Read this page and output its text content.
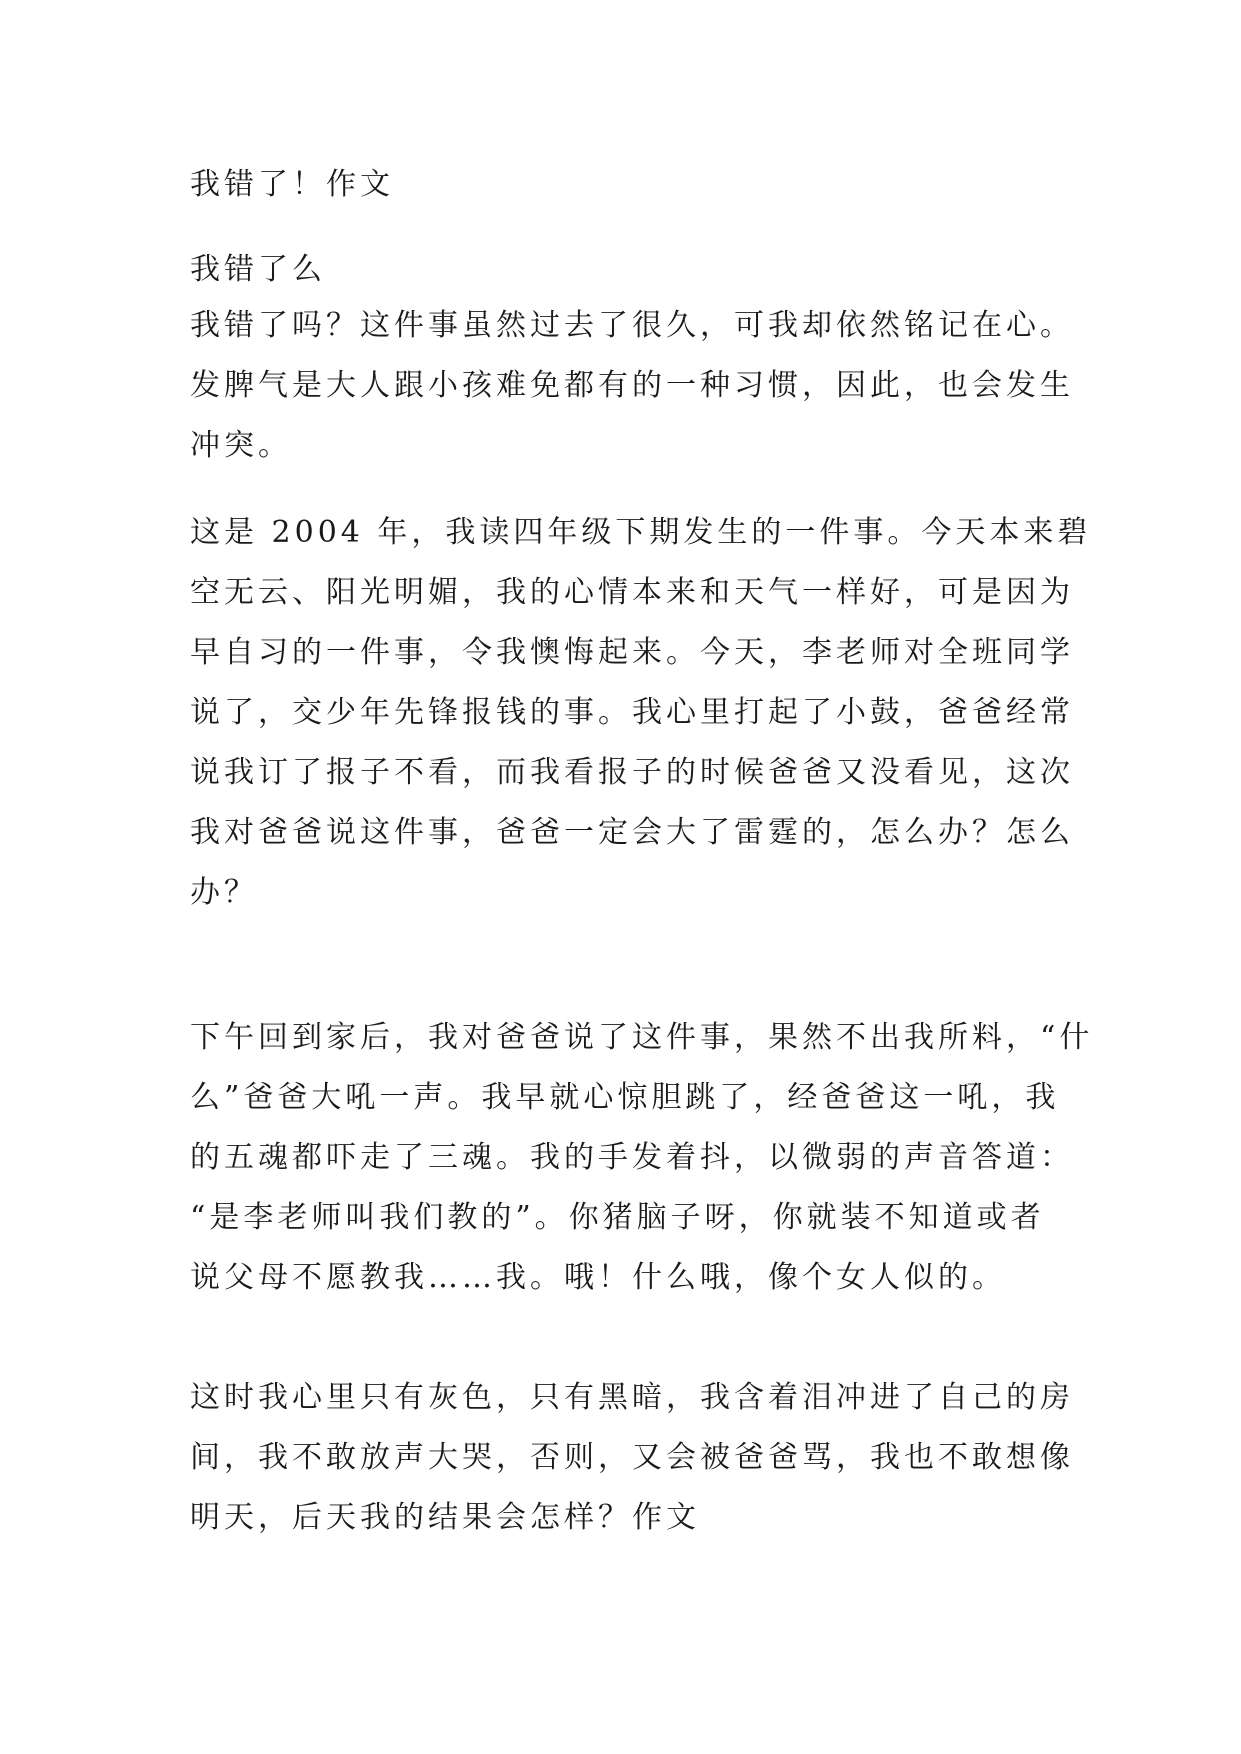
我错了！作文
我错了么
我错了吗？这件事虽然过去了很久，可我却依然铭记在心。
发脾气是大人跟小孩难免都有的一种习惯，因此，也会发生
冲突。
这是 2004 年，我读四年级下期发生的一件事。今天本来碧
空无云、阳光明媚，我的心情本来和天气一样好，可是因为
早自习的一件事，令我懊悔起来。今天，李老师对全班同学
说了，交少年先锋报钱的事。我心里打起了小鼓，爸爸经常
说我订了报子不看，而我看报子的时候爸爸又没看见，这次
我对爸爸说这件事，爸爸一定会大了雷霆的，怎么办？怎么
办？
下午回到家后，我对爸爸说了这件事，果然不出我所料，“什
么”爸爸大吼一声。我早就心惊胆跳了，经爸爸这一吼，我
的五魂都吓走了三魂。我的手发着抖，以微弱的声音答道：
“是李老师叫我们教的”。你猪脑子呀，你就装不知道或者
说父母不愿教我……我。哦！什么哦，像个女人似的。
这时我心里只有灰色，只有黑暗，我含着泪冲进了自己的房
间，我不敢放声大哭，否则，又会被爸爸骂，我也不敢想像
明天，后天我的结果会怎样？作文
